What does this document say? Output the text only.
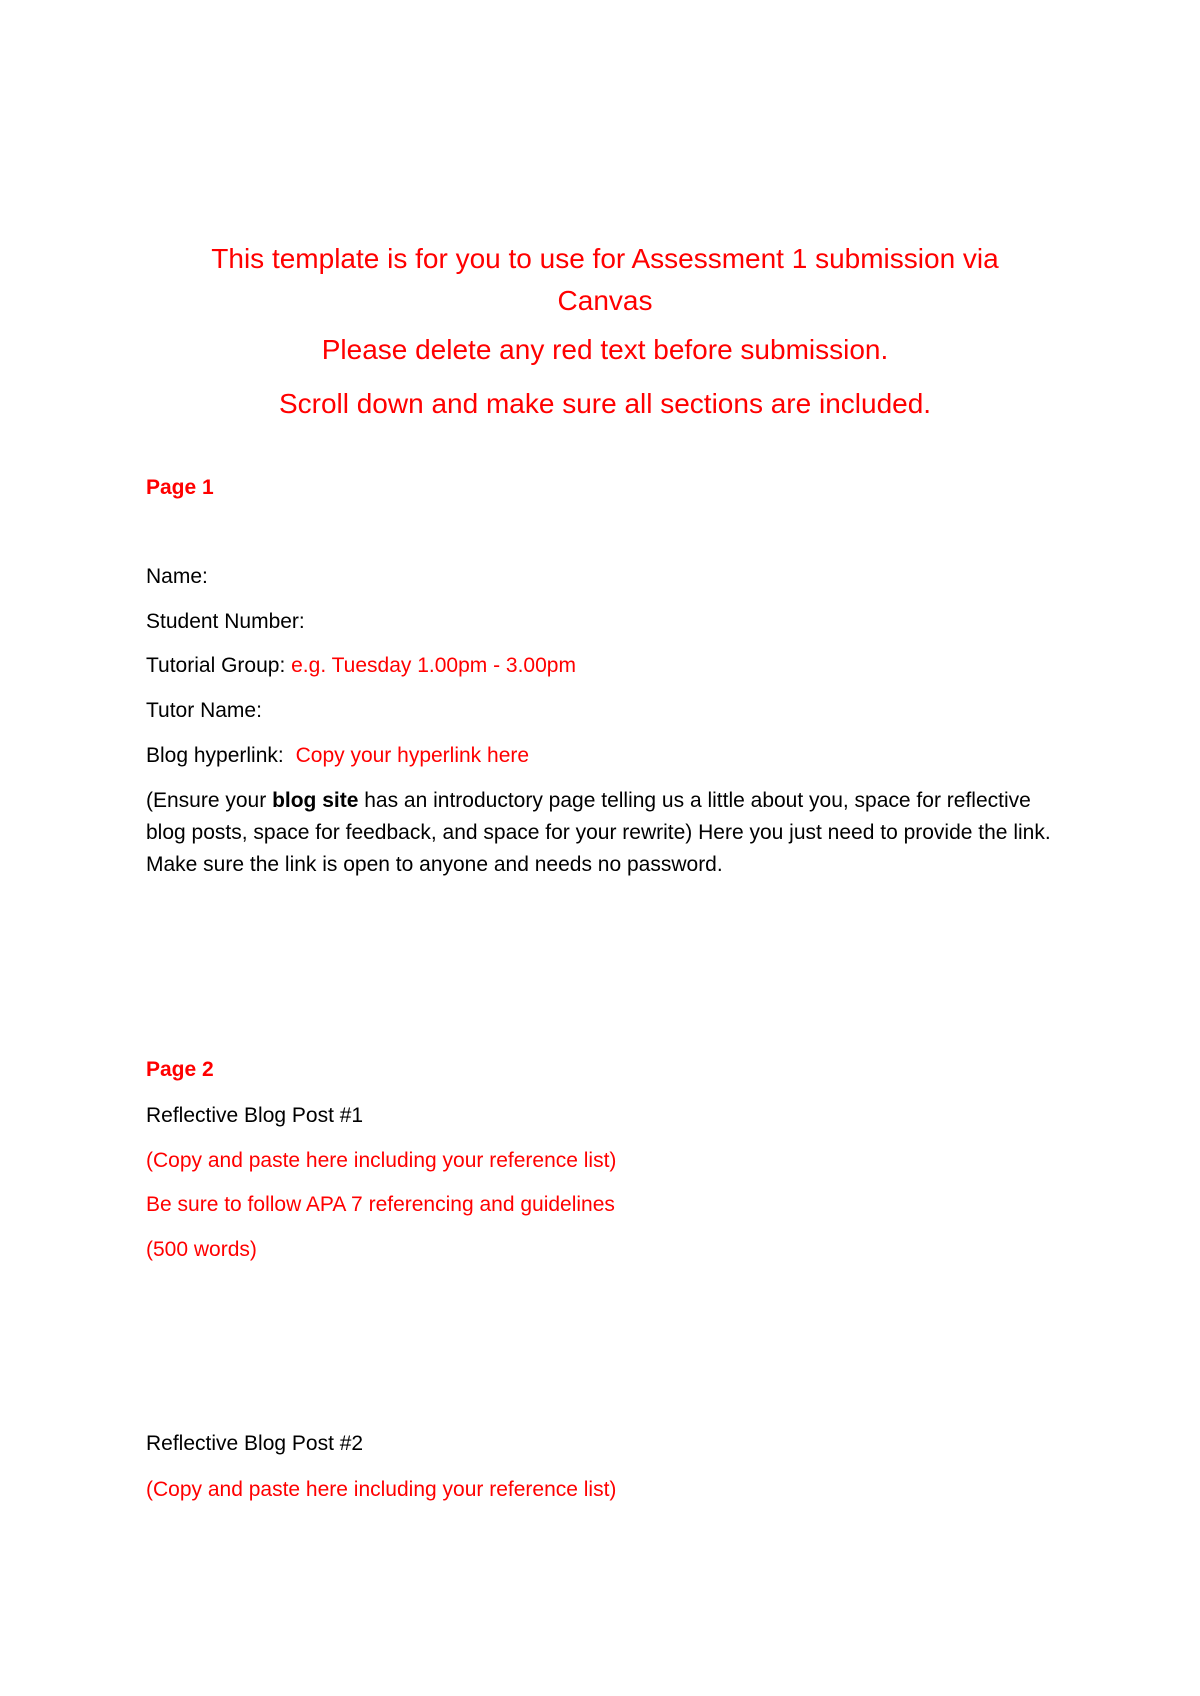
This template is for you to use for Assessment 1 submission via
Canvas
Please delete any red text before submission.
Scroll down and make sure all sections are included.
Page 1
Name:
Student Number:
Tutorial Group: e.g. Tuesday 1.00pm - 3.00pm
Tutor Name:
Blog hyperlink: Copy your hyperlink here
(Ensure your blog site has an introductory page telling us a little about you, space for reflective blog posts, space for feedback, and space for your rewrite) Here you just need to provide the link. Make sure the link is open to anyone and needs no password.
Page 2
Reflective Blog Post #1
(Copy and paste here including your reference list)
Be sure to follow APA 7 referencing and guidelines
(500 words)
Reflective Blog Post #2
(Copy and paste here including your reference list)
